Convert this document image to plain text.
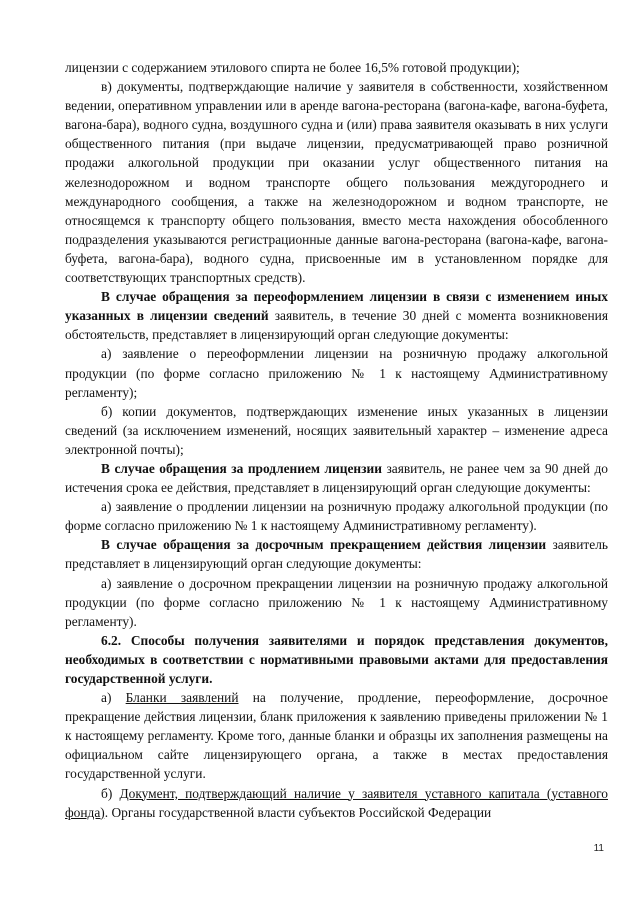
лицензии с содержанием этилового спирта не более 16,5% готовой продукции);

в) документы, подтверждающие наличие у заявителя в собственности, хозяйственном ведении, оперативном управлении или в аренде вагона-ресторана (вагона-кафе, вагона-буфета, вагона-бара), водного судна, воздушного судна и (или) права заявителя оказывать в них услуги общественного питания (при выдаче лицензии, предусматривающей право розничной продажи алкогольной продукции при оказании услуг общественного питания на железнодорожном и водном транспорте общего пользования междугороднего и международного сообщения, а также на железнодорожном и водном транспорте, не относящемся к транспорту общего пользования, вместо места нахождения обособленного подразделения указываются регистрационные данные вагона-ресторана (вагона-кафе, вагона-буфета, вагона-бара), водного судна, присвоенные им в установленном порядке для соответствующих транспортных средств).

В случае обращения за переоформлением лицензии в связи с изменением иных указанных в лицензии сведений заявитель, в течение 30 дней с момента возникновения обстоятельств, представляет в лицензирующий орган следующие документы:

а) заявление о переоформлении лицензии на розничную продажу алкогольной продукции (по форме согласно приложению № 1 к настоящему Административному регламенту);

б) копии документов, подтверждающих изменение иных указанных в лицензии сведений (за исключением изменений, носящих заявительный характер – изменение адреса электронной почты);

В случае обращения за продлением лицензии заявитель, не ранее чем за 90 дней до истечения срока ее действия, представляет в лицензирующий орган следующие документы:

а) заявление о продлении лицензии на розничную продажу алкогольной продукции (по форме согласно приложению № 1 к настоящему Административному регламенту).

В случае обращения за досрочным прекращением действия лицензии заявитель представляет в лицензирующий орган следующие документы:

а) заявление о досрочном прекращении лицензии на розничную продажу алкогольной продукции (по форме согласно приложению № 1 к настоящему Административному регламенту).

6.2. Способы получения заявителями и порядок представления документов, необходимых в соответствии с нормативными правовыми актами для предоставления государственной услуги.

а) Бланки заявлений на получение, продление, переоформление, досрочное прекращение действия лицензии, бланк приложения к заявлению приведены приложении № 1 к настоящему регламенту. Кроме того, данные бланки и образцы их заполнения размещены на официальном сайте лицензирующего органа, а также в местах предоставления государственной услуги.

б) Документ, подтверждающий наличие у заявителя уставного капитала (уставного фонда). Органы государственной власти субъектов Российской Федерации

11
